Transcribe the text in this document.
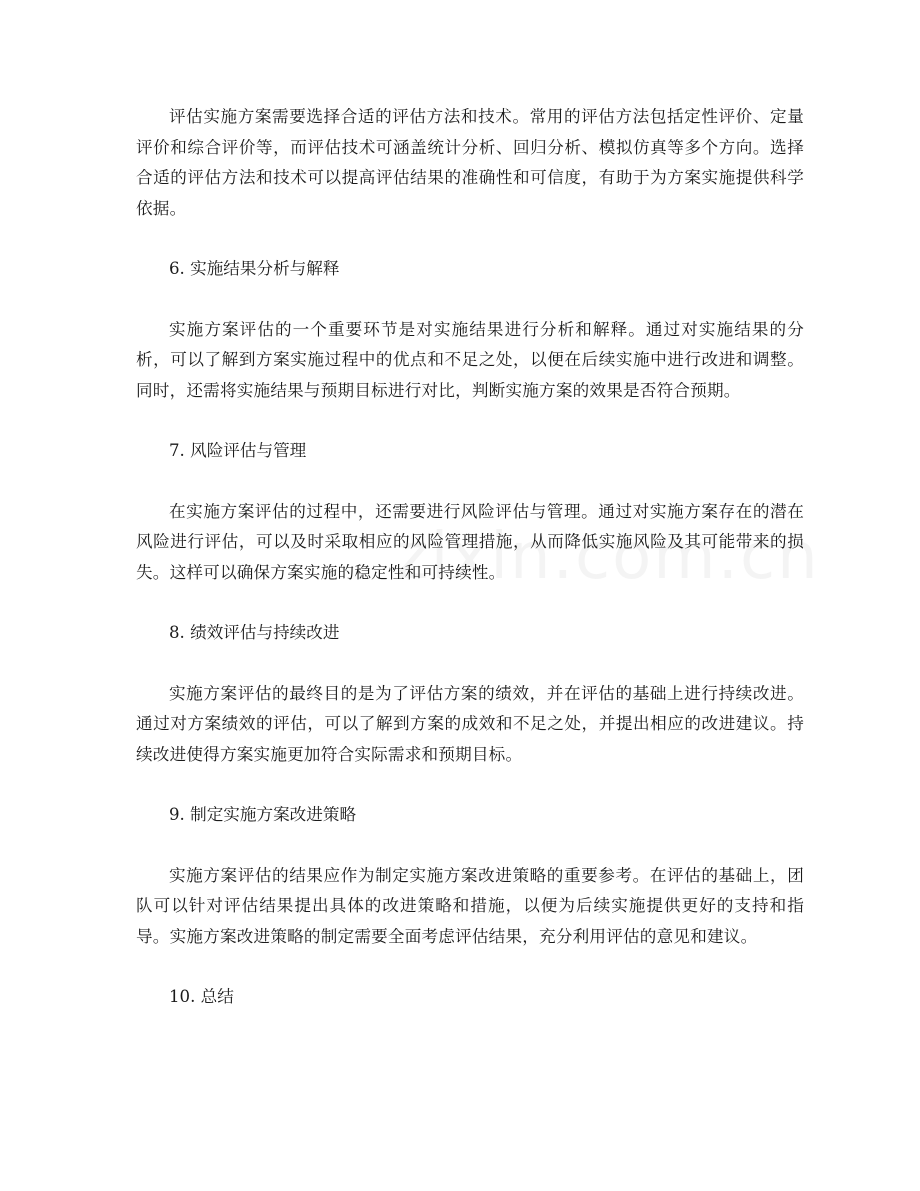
评估实施方案需要选择合适的评估方法和技术。常用的评估方法包括定性评价、定量评价和综合评价等，而评估技术可涵盖统计分析、回归分析、模拟仿真等多个方向。选择合适的评估方法和技术可以提高评估结果的准确性和可信度，有助于为方案实施提供科学依据。

6. 实施结果分析与解释

实施方案评估的一个重要环节是对实施结果进行分析和解释。通过对实施结果的分析，可以了解到方案实施过程中的优点和不足之处，以便在后续实施中进行改进和调整。同时，还需将实施结果与预期目标进行对比，判断实施方案的效果是否符合预期。

7. 风险评估与管理

在实施方案评估的过程中，还需要进行风险评估与管理。通过对实施方案存在的潜在风险进行评估，可以及时采取相应的风险管理措施，从而降低实施风险及其可能带来的损失。这样可以确保方案实施的稳定性和可持续性。

8. 绩效评估与持续改进

实施方案评估的最终目的是为了评估方案的绩效，并在评估的基础上进行持续改进。通过对方案绩效的评估，可以了解到方案的成效和不足之处，并提出相应的改进建议。持续改进使得方案实施更加符合实际需求和预期目标。

9. 制定实施方案改进策略

实施方案评估的结果应作为制定实施方案改进策略的重要参考。在评估的基础上，团队可以针对评估结果提出具体的改进策略和措施，以便为后续实施提供更好的支持和指导。实施方案改进策略的制定需要全面考虑评估结果，充分利用评估的意见和建议。

10. 总结
